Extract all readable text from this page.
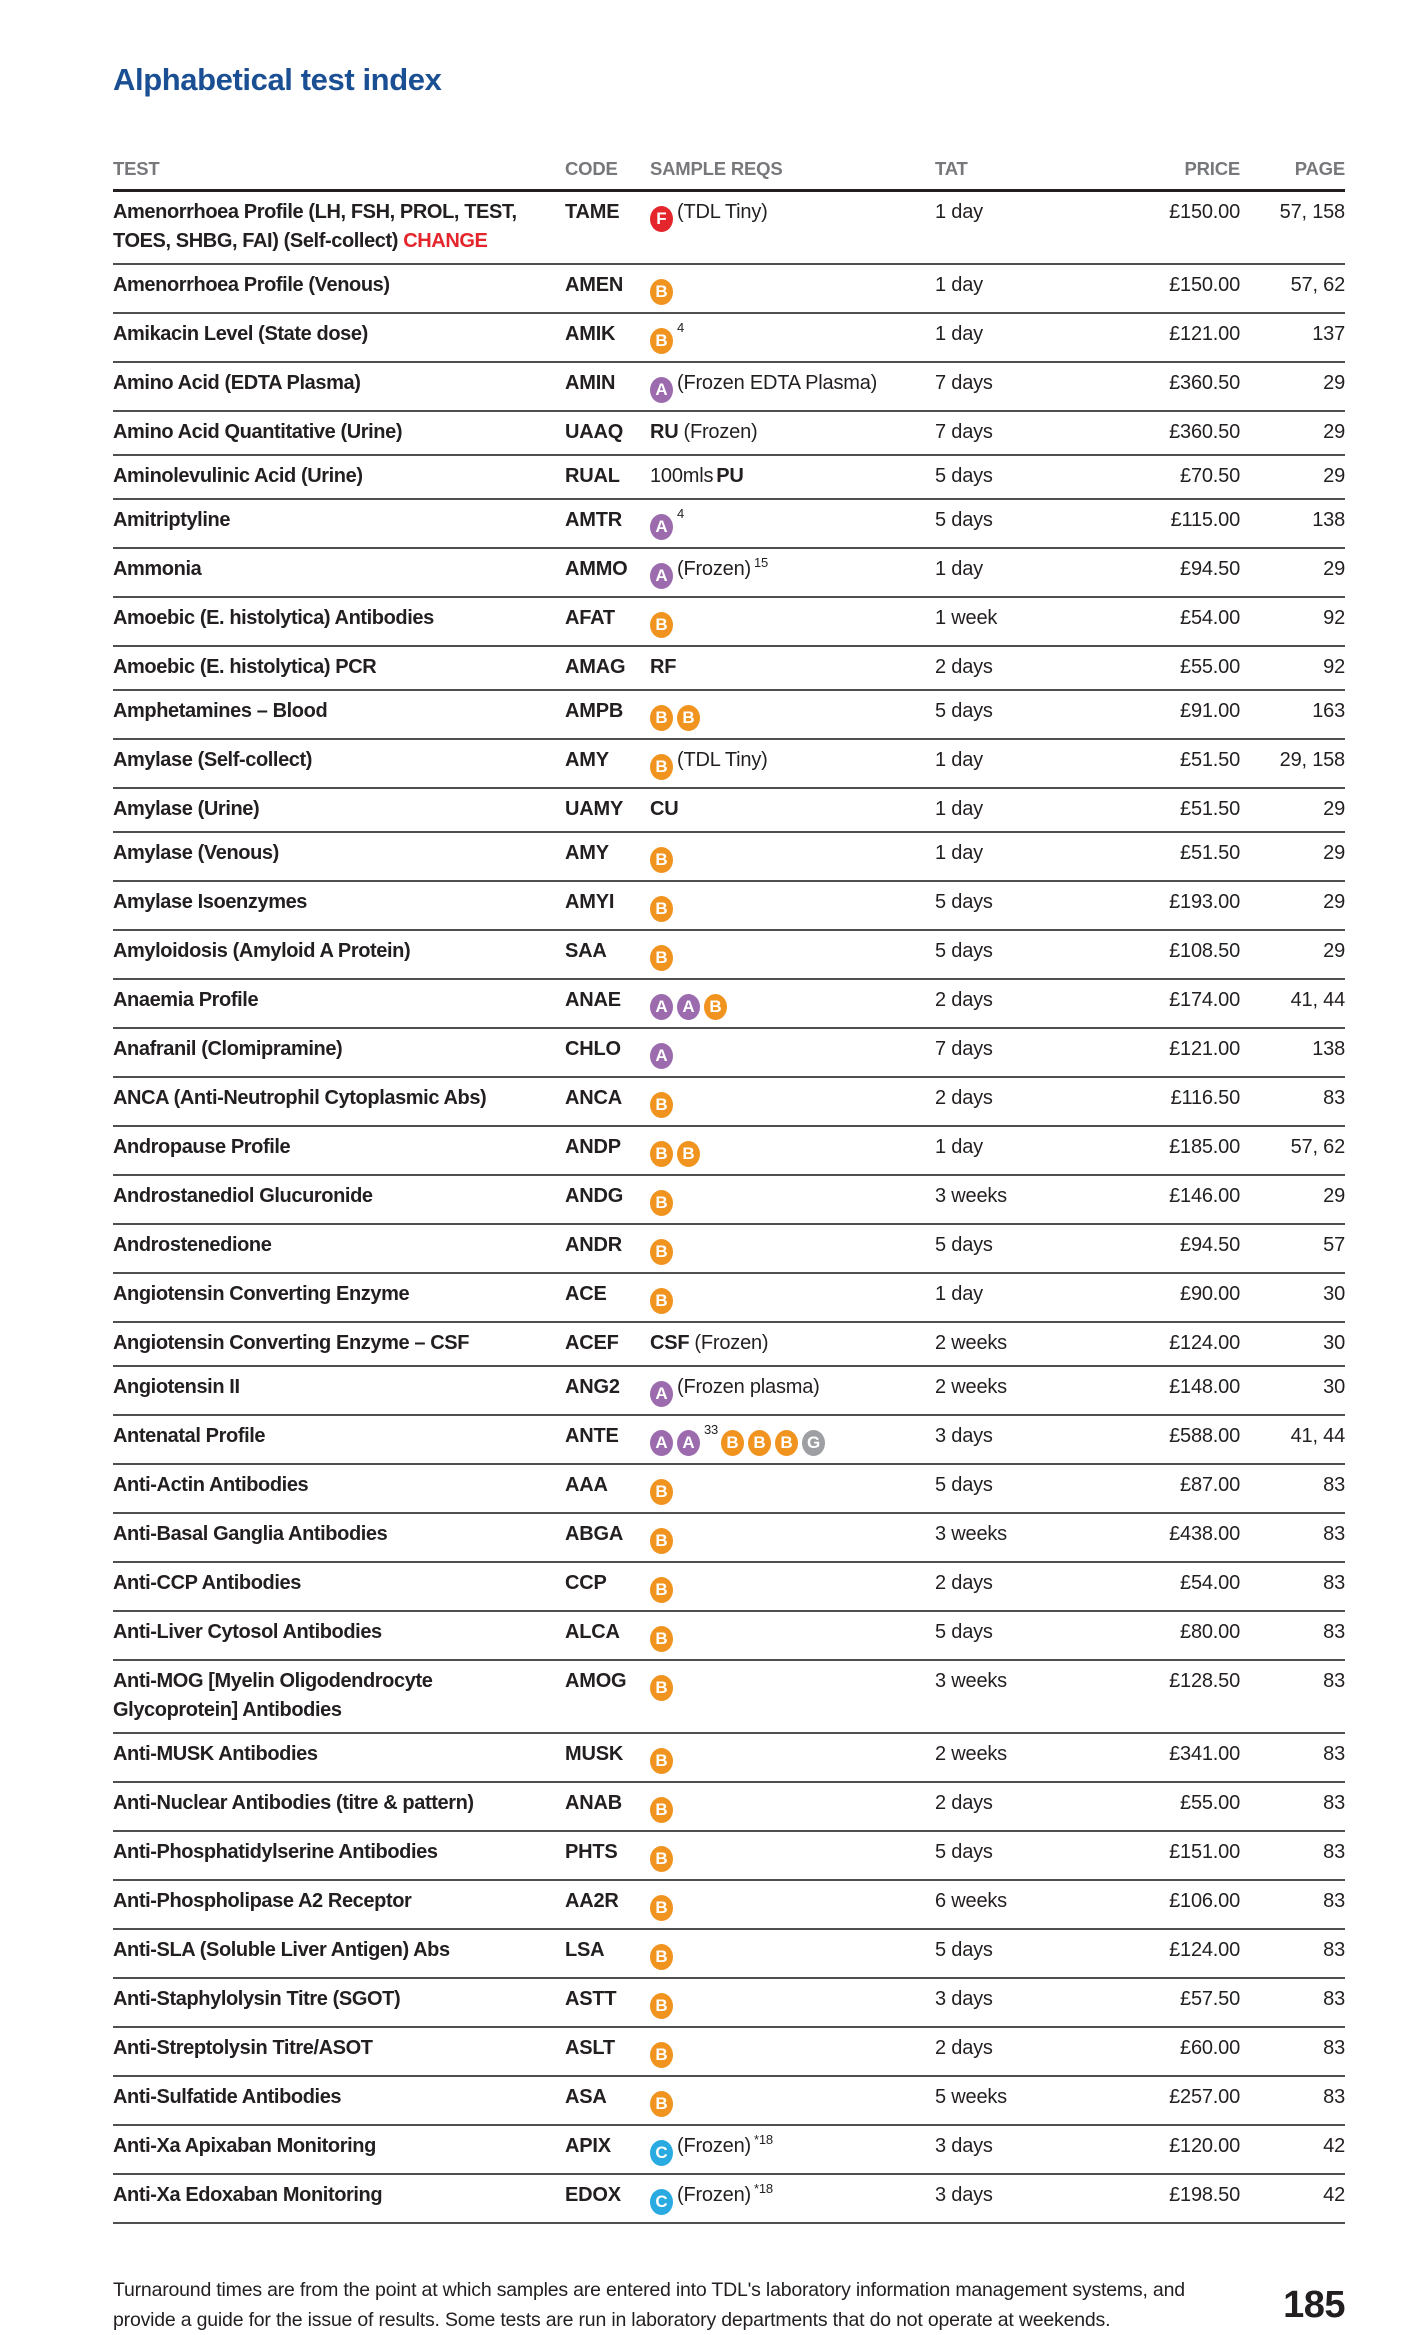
Alphabetical test index
TEST	CODE	SAMPLE REQS	TAT	PRICE	PAGE
Amenorrhoea Profile (LH, FSH, PROL, TEST, TOES, SHBG, FAI) (Self-collect) CHANGE
TAME	F (TDL Tiny)	1 day	£150.00	57, 158
Amenorrhoea Profile (Venous)	AMEN	B	1 day	£150.00	57, 62
Amikacin Level (State dose)	AMIK	$B^4$	1 day	£121.00	137
Amino Acid (EDTA Plasma)	AMIN	A (Frozen EDTA Plasma)	7 days	£360.50	29
Amino Acid Quantitative (Urine)	UAAQ	RU (Frozen)	7 days	£360.50	29
Aminolevulinic Acid (Urine)	RUAL	100mls PU	5 days	£70.50	29
Amitriptyline	AMTR	$A^4$	5 days	£115.00	138
Ammonia	AMMO	A (Frozen) $^{15}$	1 day	£94.50	29
Amoebic (E. histolytica) Antibodies	AFAT	B	1 week	£54.00	92
Amoebic (E. histolytica) PCR	AMAG	RF	2 days	£55.00	92
Amphetamines – Blood	AMPB	B B	5 days	£91.00	163
Amylase (Self-collect)	AMY	B (TDL Tiny)	1 day	£51.50	29, 158
Amylase (Urine)	UAMY	CU	1 day	£51.50	29
Amylase (Venous)	AMY	B	1 day	£51.50	29
Amylase Isoenzymes	AMYI	B	5 days	£193.00	29
Amyloidosis (Amyloid A Protein)	SAA	B	5 days	£108.50	29
Anaemia Profile	ANAE	A A B	2 days	£174.00	41, 44
Anafranil (Clomipramine)	CHLO	A	7 days	£121.00	138
ANCA (Anti-Neutrophil Cytoplasmic Abs)	ANCA	B	2 days	£116.50	83
Andropause Profile	ANDP	B B	1 day	£185.00	57, 62
Androstanediol Glucuronide	ANDG	B	3 weeks	£146.00	29
Androstenedione	ANDR	B	5 days	£94.50	57
Angiotensin Converting Enzyme	ACE	B	1 day	£90.00	30
Angiotensin Converting Enzyme – CSF	ACEF	CSF (Frozen)	2 weeks	£124.00	30
Angiotensin II	ANG2	A (Frozen plasma)	2 weeks	£148.00	30
Antenatal Profile	ANTE	A $A^{33}B$ B B G	3 days	£588.00	41, 44
Anti-Actin Antibodies	AAA	B	5 days	£87.00	83
Anti-Basal Ganglia Antibodies	ABGA	B	3 weeks	£438.00	83
Anti-CCP Antibodies	CCP	B	2 days	£54.00	83
Anti-Liver Cytosol Antibodies	ALCA	B	5 days	£80.00	83
Anti-MOG [Myelin Oligodendrocyte Glycoprotein] Antibodies
AMOG	B	3 weeks	£128.50	83
Anti-MUSK Antibodies	MUSK	B	2 weeks	£341.00	83
Anti-Nuclear Antibodies (titre & pattern)	ANAB	B	2 days	£55.00	83
Anti-Phosphatidylserine Antibodies	PHTS	B	5 days	£151.00	83
Anti-Phospholipase A2 Receptor	AA2R	B	6 weeks	£106.00	83
Anti-SLA (Soluble Liver Antigen) Abs	LSA	B	5 days	£124.00	83
Anti-Staphylolysin Titre (SGOT)	ASTT	B	3 days	£57.50	83
Anti-Streptolysin Titre/ASOT	ASLT	B	2 days	£60.00	83
Anti-Sulfatide Antibodies	ASA	B	5 weeks	£257.00	83
Anti-Xa Apixaban Monitoring	APIX	C (Frozen) $^{*18}$	3 days	£120.00	42
Anti-Xa Edoxaban Monitoring	EDOX	C (Frozen) $^{*18}$	3 days	£198.50	42

Turnaround times are from the point at which samples are entered into TDL's laboratory information management systems, and provide a guide for the issue of results. Some tests are run in laboratory departments that do not operate at weekends.	185
